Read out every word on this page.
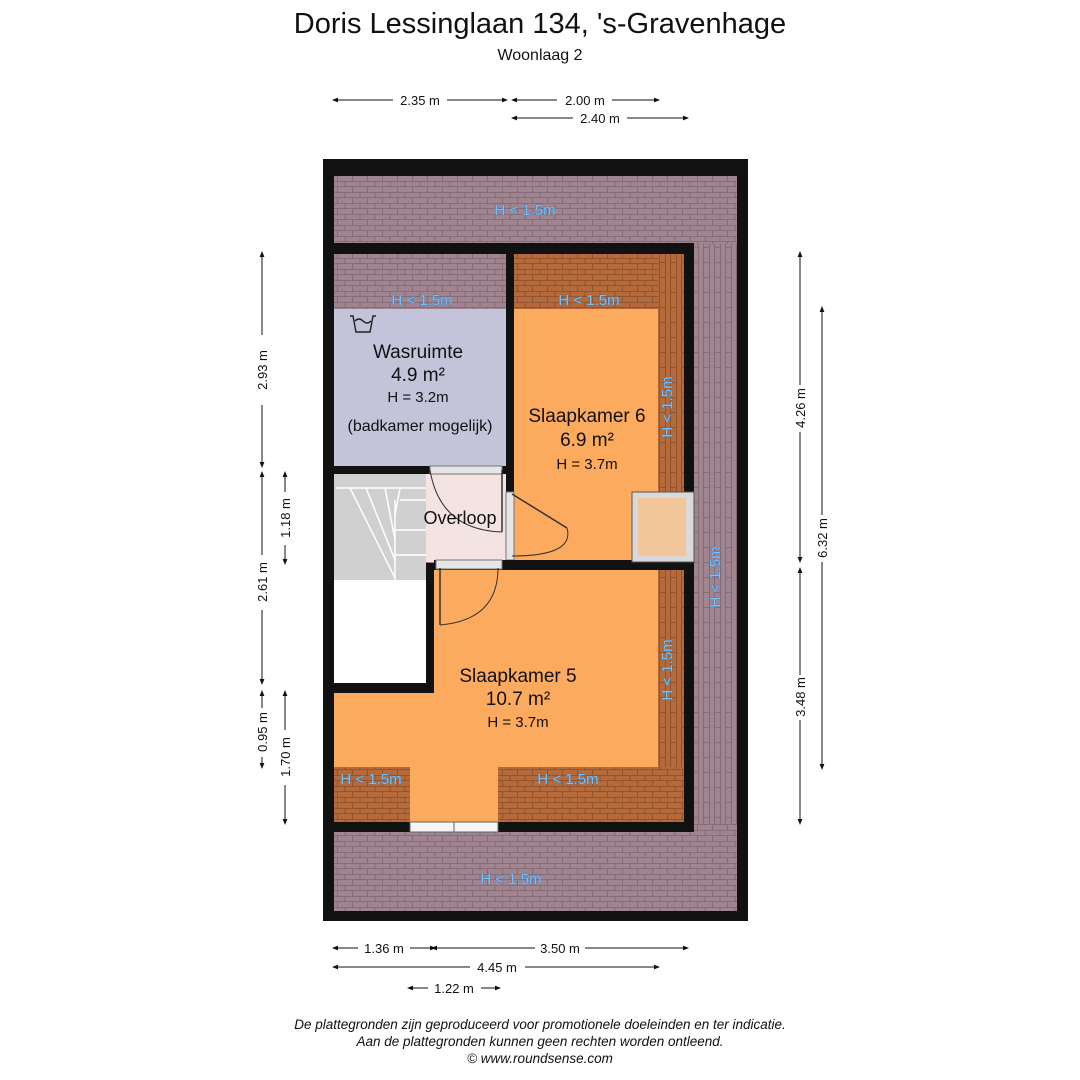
Doris Lessinglaan 134, 's-Gravenhage
Woonlaag 2
Wasruimte
4.9 m²
H = 3.2m
(badkamer mogelijk) Slaapkamer 6
6.9 m²
H = 3.7m
Overloop
Slaapkamer 5
10.7 m²
H = 3.7m
H < 1.5m
H < 1.5m	H < 1.5m
H < 1.5m
H < 1.5m
H < 1.5m
H < 1.5m	H < 1.5m
H < 1.5m
2.35 m	2.00 m
2.40 m
2.93 m
1.18 m
2.61 m
0.95 m
1.70 m
4.26 m
6.32 m
3.48 m
1.36 m	3.50 m
4.45 m
1.22 m
De plattegronden zijn geproduceerd voor promotionele doeleinden en ter indicatie.
Aan de plattegronden kunnen geen rechten worden ontleend.
© www.roundsense.com
